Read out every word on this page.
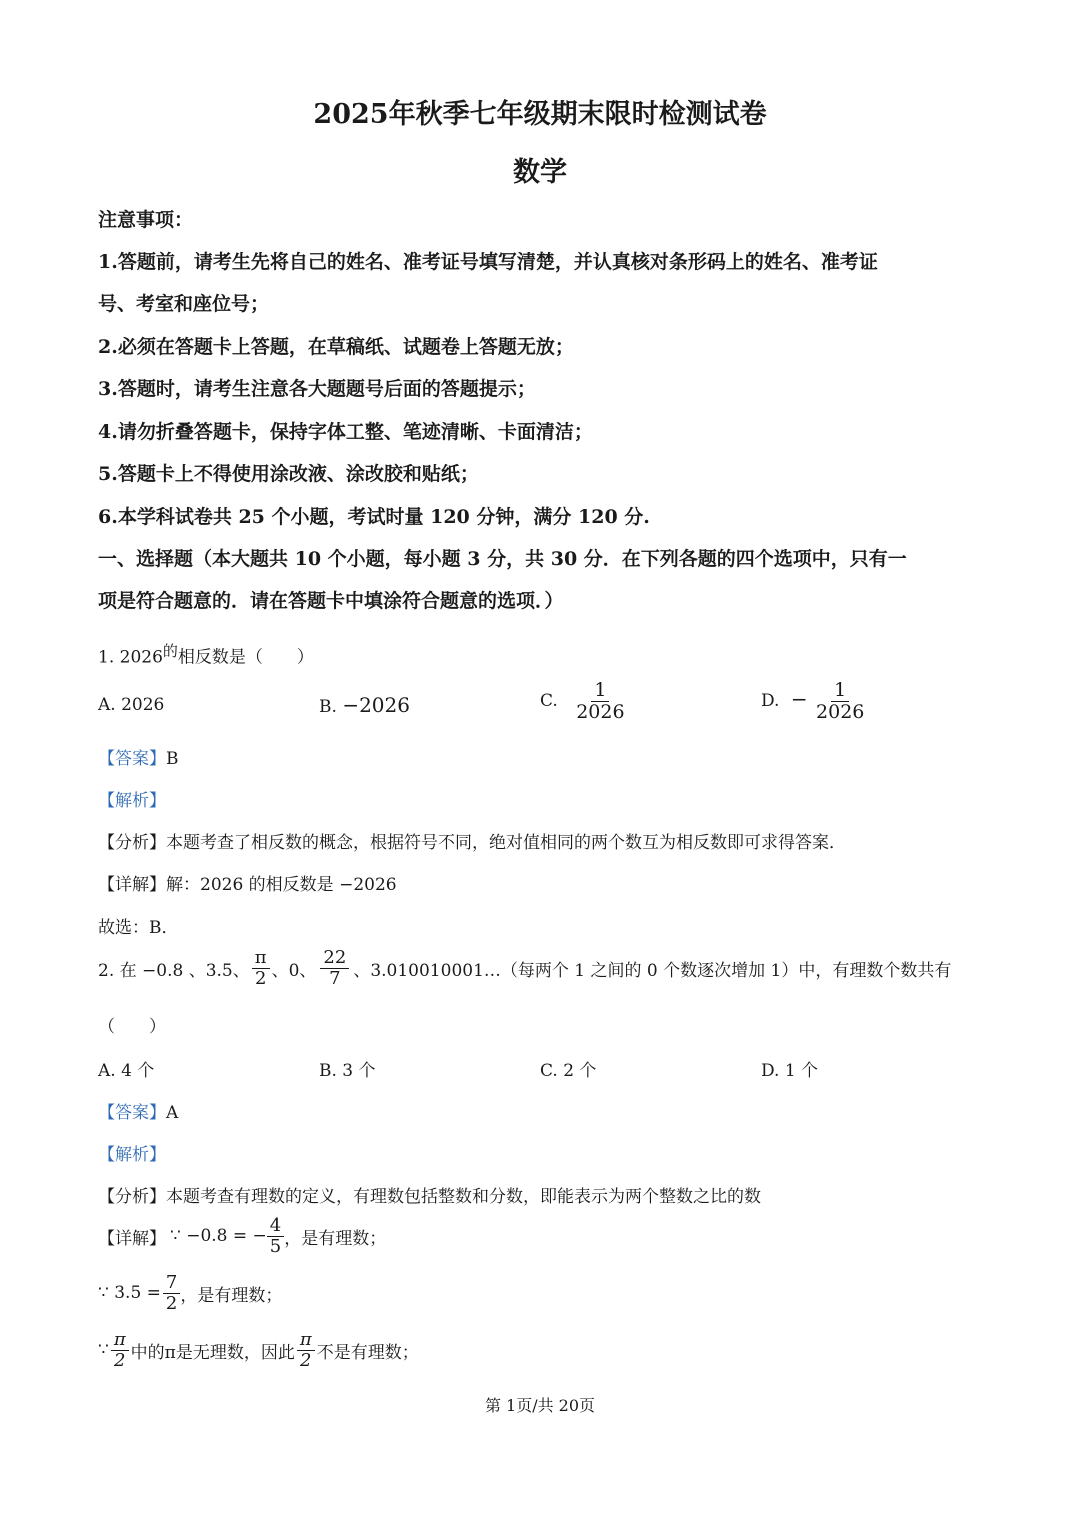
2025年秋季七年级期末限时检测试卷
数学
注意事项：
1.答题前，请考生先将自己的姓名、准考证号填写清楚，并认真核对条形码上的姓名、准考证
号、考室和座位号；
2.必须在答题卡上答题，在草稿纸、试题卷上答题无放；
3.答题时，请考生注意各大题题号后面的答题提示；
4.请勿折叠答题卡，保持字体工整、笔迹清晰、卡面清洁；
5.答题卡上不得使用涂改液、涂改胶和贴纸；
6.本学科试卷共 25 个小题，考试时量 120 分钟，满分 120 分.
一、选择题（本大题共 10 个小题，每小题 3 分，共 30 分．在下列各题的四个选项中，只有一
项是符合题意的．请在答题卡中填涂符合题意的选项．）
1. $2026^的$相反数是（　　）
A. 2026	B. −2026	C. $\frac{1}{2026}$	D. − $\frac{1}{2026}$
【答案】B
【解析】
【分析】本题考查了相反数的概念，根据符号不同，绝对值相同的两个数互为相反数即可求得答案．
【详解】解：2026 的相反数是 −2026
故选：B．
2. 在 −0.8 、3.5、 $\frac{\pi}{2}$ 、0、 $\frac{22}{7}$ 、3.010010001…（每两个 1 之间的 0 个数逐次增加 1）中，有理数个数共有
（　　）
A. 4 个	B. 3 个	C. 2 个	D. 1 个
【答案】A
【解析】
【分析】本题考查有理数的定义，有理数包括整数和分数，即能表示为两个整数之比的数
【详解】 ∵ −0.8 = − $\frac{4}{5}$ ，是有理数；
∵ $3.5 = \frac{7}{2}$ ，是有理数；
∵ $\frac{\pi}{2}$ 中的π是无理数，因此 $\frac{\pi}{2}$ 不是有理数；
第 1页/共 20页
